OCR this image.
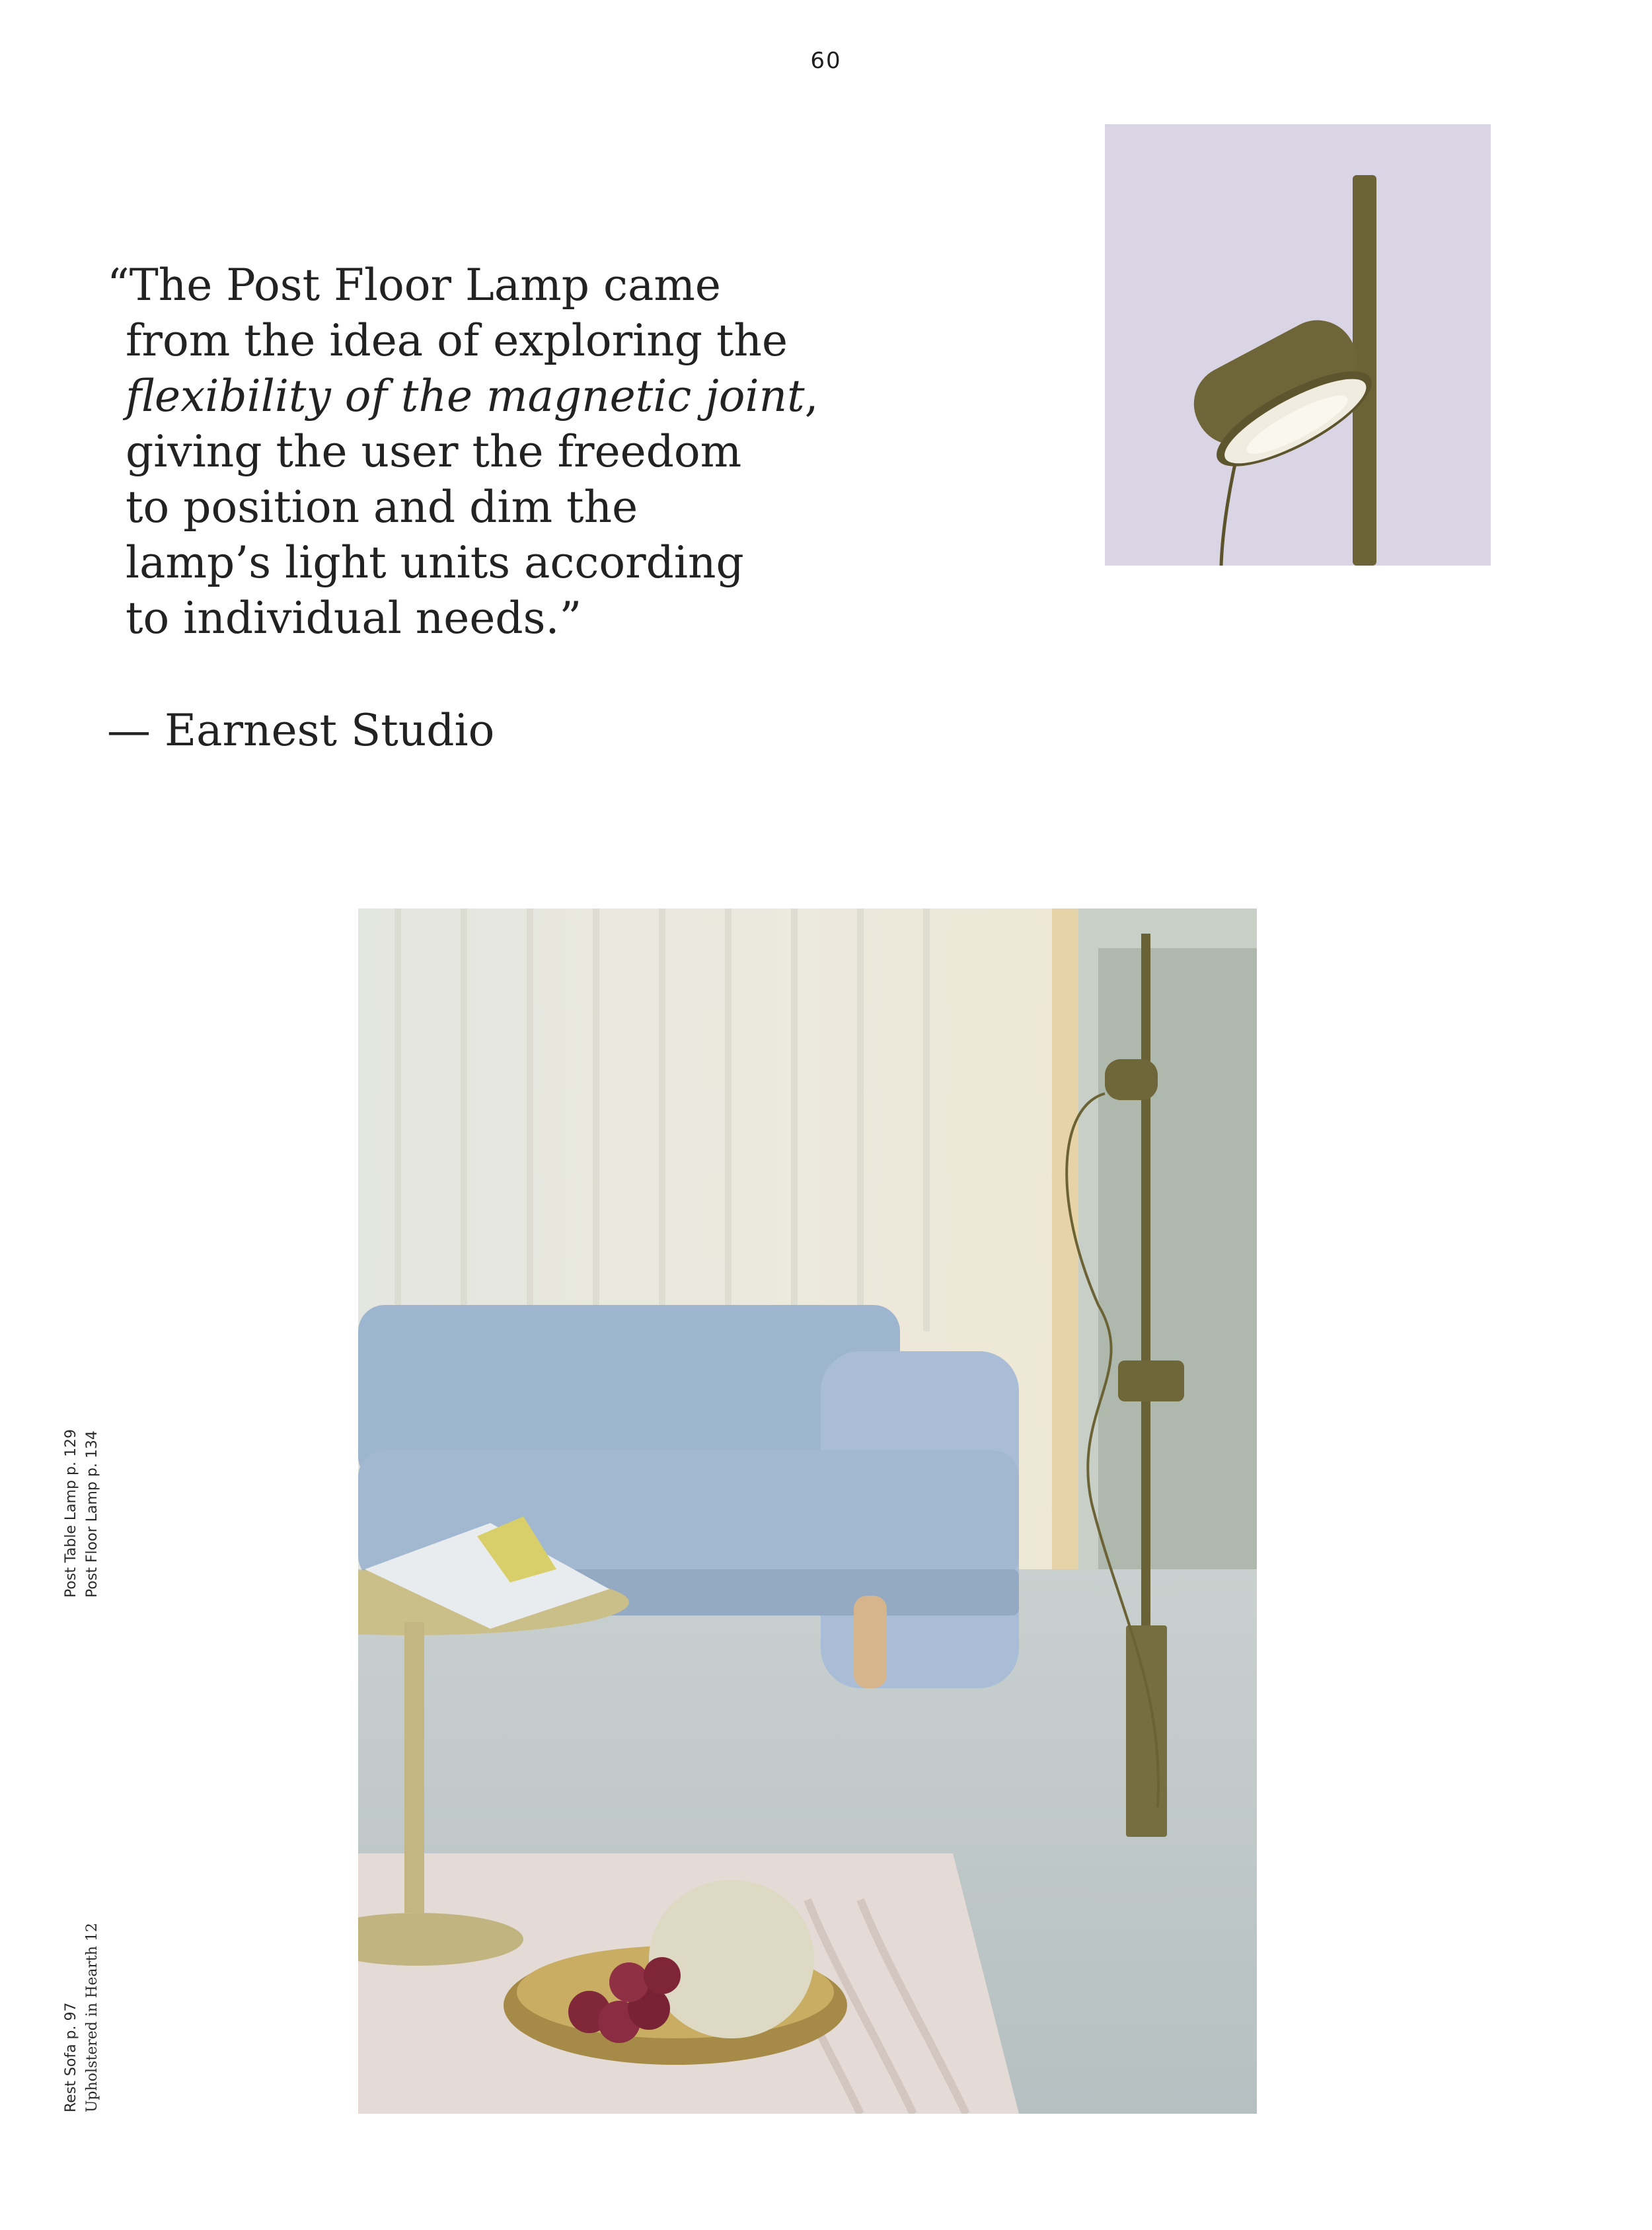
60
“The Post Floor Lamp came
from the idea of exploring the
flexibility of the magnetic joint,
giving the user the freedom
to position and dim the
lamp’s light units according
to individual needs.”
— Earnest Studio
Post Table Lamp p. 129 Post Floor Lamp p. 134
Rest Sofa p. 97 Upholstered in Hearth 12
